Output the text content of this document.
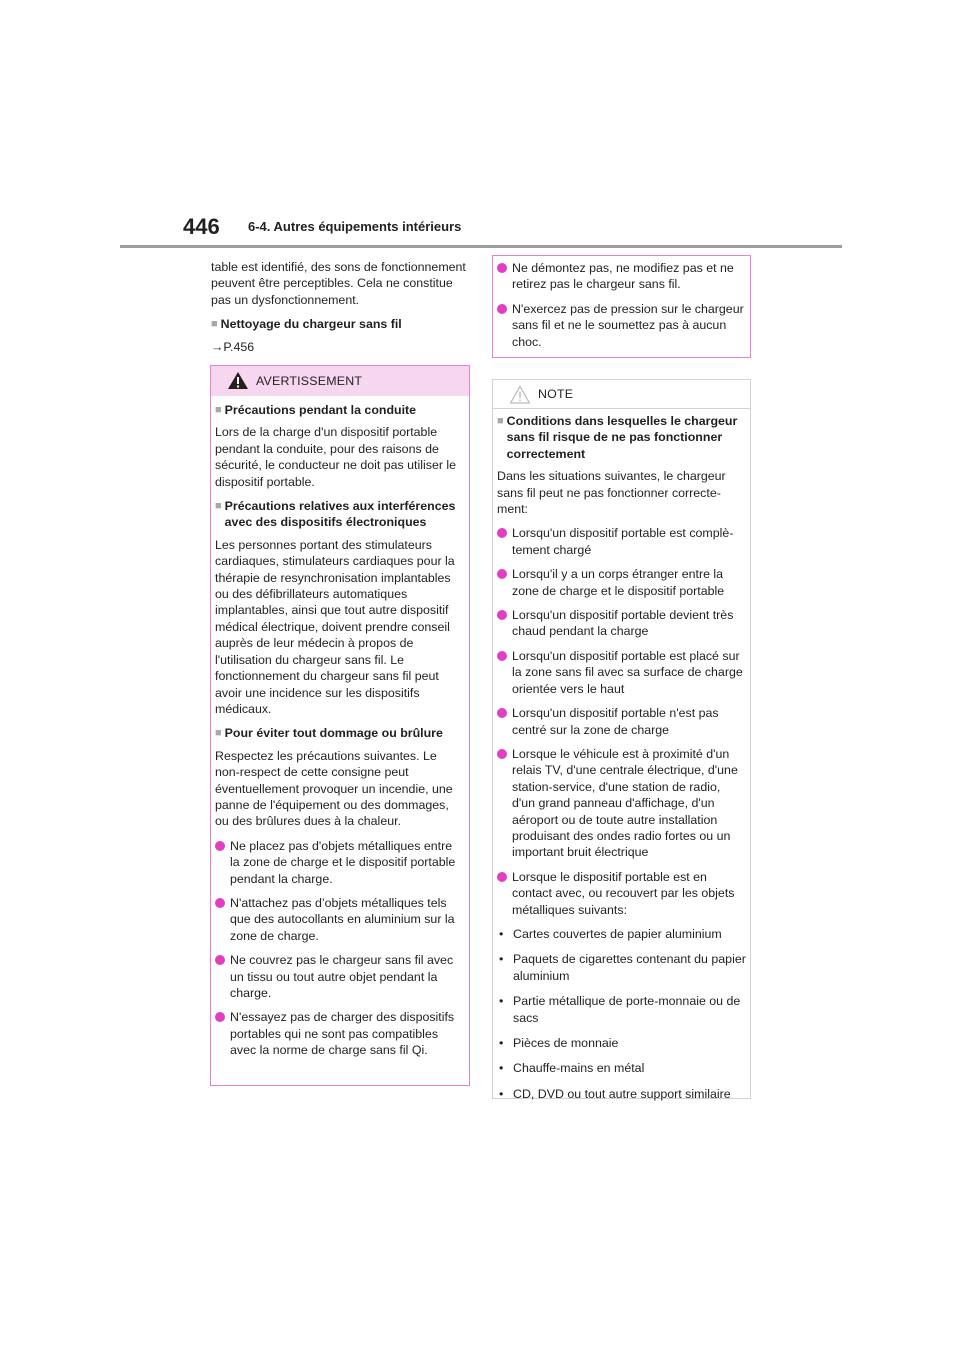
446 6-4. Autres équipements intérieurs

table est identifié, des sons de fonctionnement peuvent être perceptibles. Cela ne constitue pas un dysfonctionnement.

■ Nettoyage du chargeur sans fil

→P.456

AVERTISSEMENT
■ Précautions pendant la conduite

Lors de la charge d'un dispositif portable pendant la conduite, pour des raisons de sécurité, le conducteur ne doit pas utiliser le dispositif portable.

■ Précautions relatives aux interférences avec des dispositifs électroniques

Les personnes portant des stimulateurs cardiaques, stimulateurs cardiaques pour la thérapie de resynchronisation implantables ou des défibrillateurs automatiques implantables, ainsi que tout autre dispositif médical électrique, doivent prendre conseil auprès de leur médecin à propos de l'utilisation du chargeur sans fil. Le fonctionnement du chargeur sans fil peut avoir une incidence sur les dispositifs médicaux.

■ Pour éviter tout dommage ou brûlure

Respectez les précautions suivantes. Le non-respect de cette consigne peut éventuellement provoquer un incendie, une panne de l'équipement ou des dommages, ou des brûlures dues à la chaleur.

Ne placez pas d'objets métalliques entre la zone de charge et le dispositif portable pendant la charge.
N'attachez pas d’objets métalliques tels que des autocollants en aluminium sur la zone de charge.
Ne couvrez pas le chargeur sans fil avec un tissu ou tout autre objet pendant la charge.
N'essayez pas de charger des dispositifs portables qui ne sont pas compatibles avec la norme de charge sans fil Qi.
Ne démontez pas, ne modifiez pas et ne retirez pas le chargeur sans fil.
N'exercez pas de pression sur le chargeur sans fil et ne le soumettez pas à aucun choc.
NOTE
■ Conditions dans lesquelles le chargeur sans fil risque de ne pas fonctionner correctement

Dans les situations suivantes, le chargeur sans fil peut ne pas fonctionner correctement:

Lorsqu'un dispositif portable est complètement chargé
Lorsqu'il y a un corps étranger entre la zone de charge et le dispositif portable
Lorsqu'un dispositif portable devient très chaud pendant la charge
Lorsqu'un dispositif portable est placé sur la zone sans fil avec sa surface de charge orientée vers le haut
Lorsqu'un dispositif portable n'est pas centré sur la zone de charge
Lorsque le véhicule est à proximité d'un relais TV, d'une centrale électrique, d'une station-service, d'une station de radio, d'un grand panneau d'affichage, d'un aéroport ou de toute autre installation produisant des ondes radio fortes ou un important bruit électrique
Lorsque le dispositif portable est en contact avec, ou recouvert par les objets métalliques suivants:
• Cartes couvertes de papier aluminium
• Paquets de cigarettes contenant du papier aluminium
• Partie métallique de porte-monnaie ou de sacs
• Pièces de monnaie
• Chauffe-mains en métal
• CD, DVD ou tout autre support similaire
